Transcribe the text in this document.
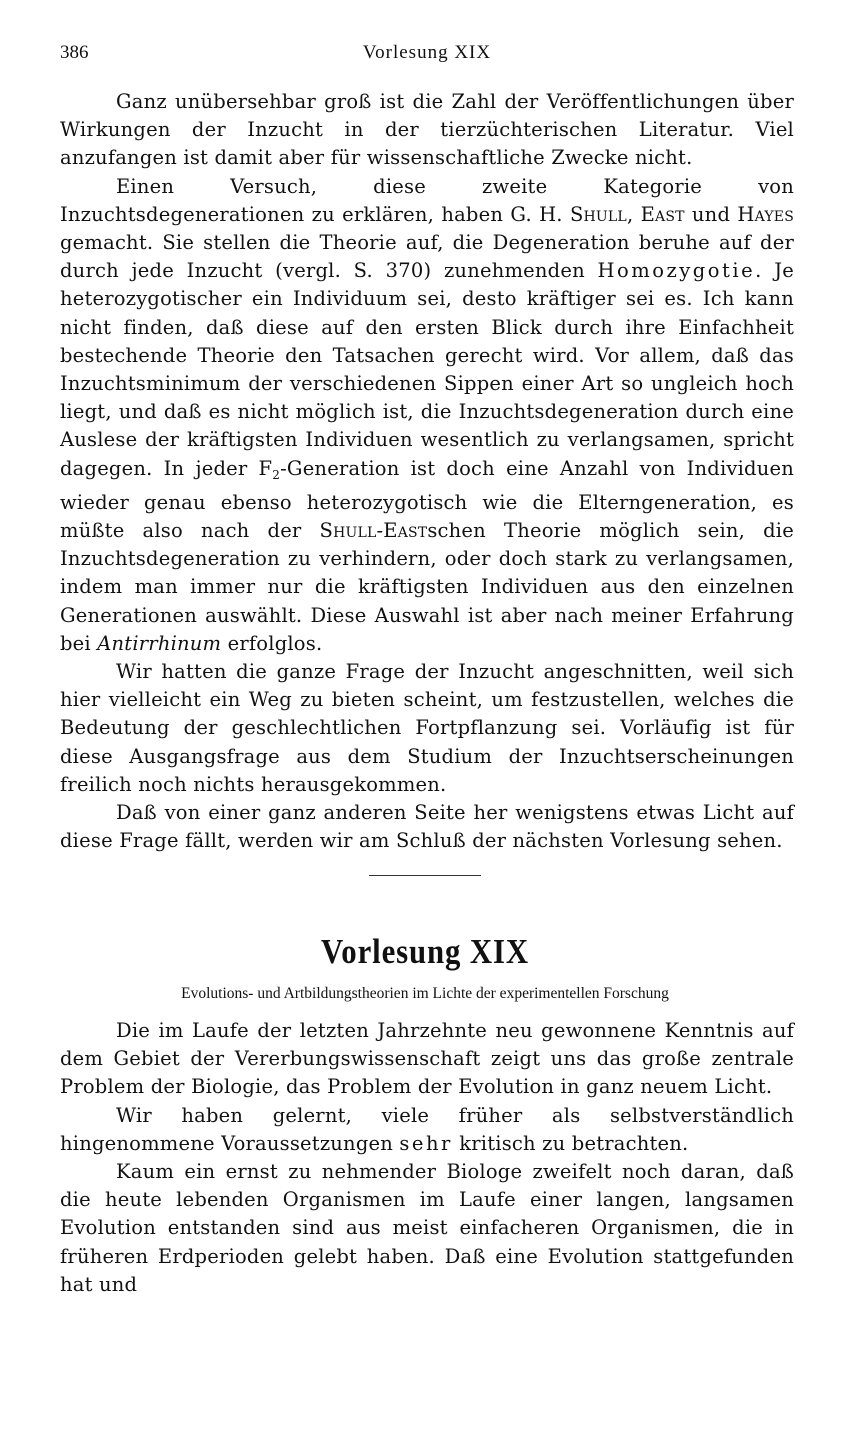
386	Vorlesung XIX

Ganz unübersehbar groß ist die Zahl der Veröffentlichungen über Wirkungen der Inzucht in der tierzüchterischen Literatur. Viel anzufangen ist damit aber für wissenschaftliche Zwecke nicht.

Einen Versuch, diese zweite Kategorie von Inzuchtsdegenerationen zu erklären, haben G. H. Shull, East und Hayes gemacht. Sie stellen die Theorie auf, die Degeneration beruhe auf der durch jede Inzucht (vergl. S. 370) zunehmenden Homozygotie. Je heterozygotischer ein Individuum sei, desto kräftiger sei es. Ich kann nicht finden, daß diese auf den ersten Blick durch ihre Einfachheit bestechende Theorie den Tatsachen gerecht wird. Vor allem, daß das Inzuchtsminimum der verschiedenen Sippen einer Art so ungleich hoch liegt, und daß es nicht möglich ist, die Inzuchtsdegeneration durch eine Auslese der kräftigsten Individuen wesentlich zu verlangsamen, spricht dagegen. In jeder $F_2$-Generation ist doch eine Anzahl von Individuen wieder genau ebenso heterozygotisch wie die Elterngeneration, es müßte also nach der Shull-Eastschen Theorie möglich sein, die Inzuchtsdegeneration zu verhindern, oder doch stark zu verlangsamen, indem man immer nur die kräftigsten Individuen aus den einzelnen Generationen auswählt. Diese Auswahl ist aber nach meiner Erfahrung bei Antirrhinum erfolglos.

Wir hatten die ganze Frage der Inzucht angeschnitten, weil sich hier vielleicht ein Weg zu bieten scheint, um festzustellen, welches die Bedeutung der geschlechtlichen Fortpflanzung sei. Vorläufig ist für diese Ausgangsfrage aus dem Studium der Inzuchtserscheinungen freilich noch nichts herausgekommen.

Daß von einer ganz anderen Seite her wenigstens etwas Licht auf diese Frage fällt, werden wir am Schluß der nächsten Vorlesung sehen.

Vorlesung XIX
Evolutions- und Artbildungstheorien im Lichte der experimentellen Forschung

Die im Laufe der letzten Jahrzehnte neu gewonnene Kenntnis auf dem Gebiet der Vererbungswissenschaft zeigt uns das große zentrale Problem der Biologie, das Problem der Evolution in ganz neuem Licht.

Wir haben gelernt, viele früher als selbstverständlich hingenommene Voraussetzungen sehr kritisch zu betrachten.

Kaum ein ernst zu nehmender Biologe zweifelt noch daran, daß die heute lebenden Organismen im Laufe einer langen, langsamen Evolution entstanden sind aus meist einfacheren Organismen, die in früheren Erdperioden gelebt haben. Daß eine Evolution stattgefunden hat und
